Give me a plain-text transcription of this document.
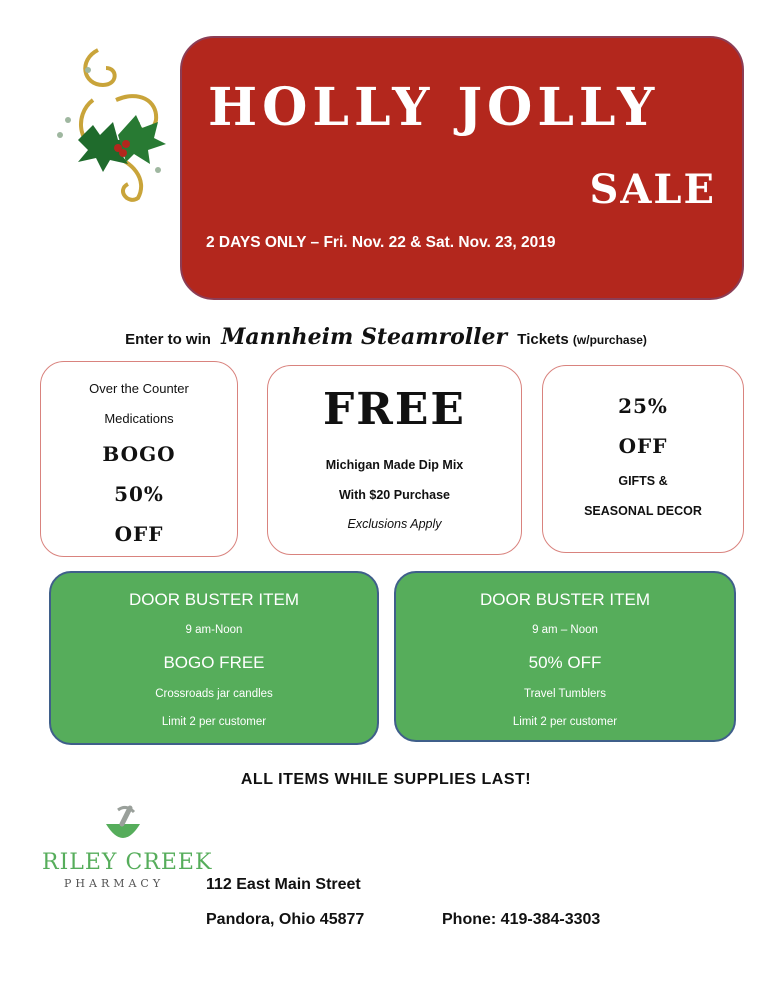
HOLLY JOLLY
SALE
2 DAYS ONLY – Fri. Nov. 22 & Sat. Nov. 23, 2019
Enter to win Mannheim Steamroller Tickets (w/purchase)
Over the Counter
Medications
BOGO
50%
OFF
FREE
Michigan Made Dip Mix
With $20 Purchase
Exclusions Apply
25%
OFF
GIFTS &
SEASONAL DECOR
DOOR BUSTER ITEM
9 am-Noon
BOGO FREE
Crossroads jar candles
Limit 2 per customer
DOOR BUSTER ITEM
9 am – Noon
50% OFF
Travel Tumblers
Limit 2 per customer
ALL ITEMS WHILE SUPPLIES LAST!
RILEY CREEK
PHARMACY	112 East Main Street
Pandora, Ohio 45877	Phone: 419-384-3303
